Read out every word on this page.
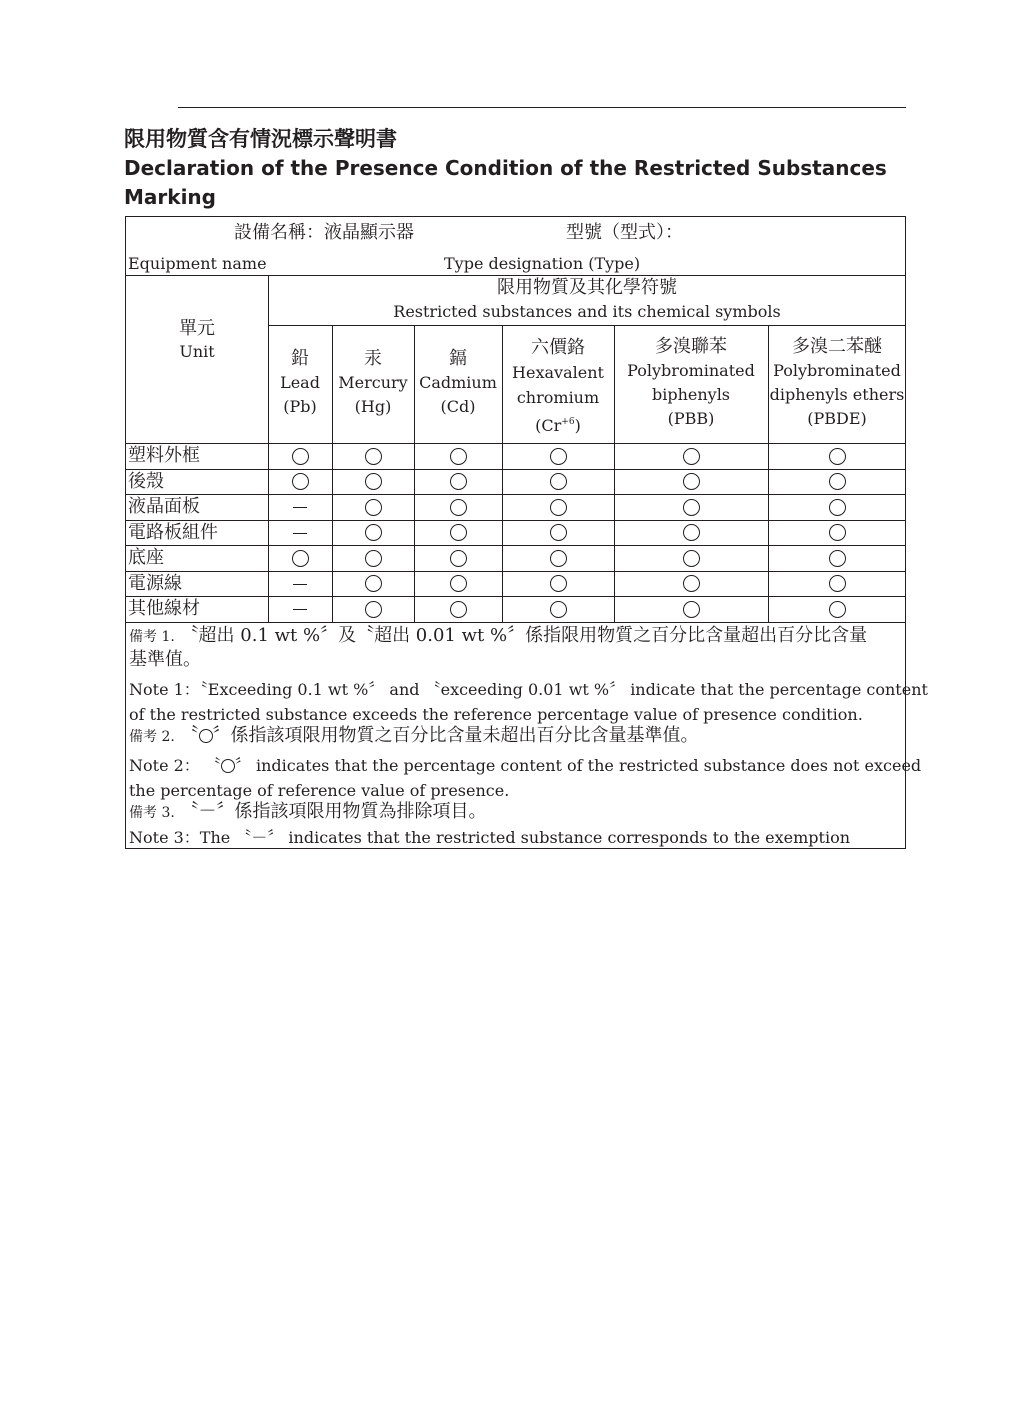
限用物質含有情況標示聲明書
Declaration of the Presence Condition of the Restricted Substances Marking
設備名稱：液晶顯示器	型號（型式）：
Equipment name	Type designation (Type)
單元
Unit
限用物質及其化學符號
Restricted substances and its chemical symbols
鉛
Lead
(Pb)
汞
Mercury
(Hg)
鎘
Cadmium
(Cd)
六價鉻
Hexavalent
chromium
$(Cr^{+6})$
多溴聯苯
Polybrominated
biphenyls
(PBB)
多溴二苯醚
Polybrominated
diphenyls ethers
(PBDE)
塑料外框
後殼
液晶面板
電路板組件
底座
電源線
其他線材
備考 1. 〝超出 0.1 wt %〞及〝超出 0.01 wt %〞係指限用物質之百分比含量超出百分比含量
基準值。
Note 1：〝Exceeding 0.1 wt %〞 and 〝exceeding 0.01 wt %〞 indicate that the percentage content
of the restricted substance exceeds the reference percentage value of presence condition.
備考 2. 〝 〞係指該項限用物質之百分比含量未超出百分比含量基準值。
Note 2： 〝 〞 indicates that the percentage content of the restricted substance does not exceed
the percentage of reference value of presence.
備考 3. 〝－〞係指該項限用物質為排除項目。
Note 3：The 〝－〞 indicates that the restricted substance corresponds to the exemption
